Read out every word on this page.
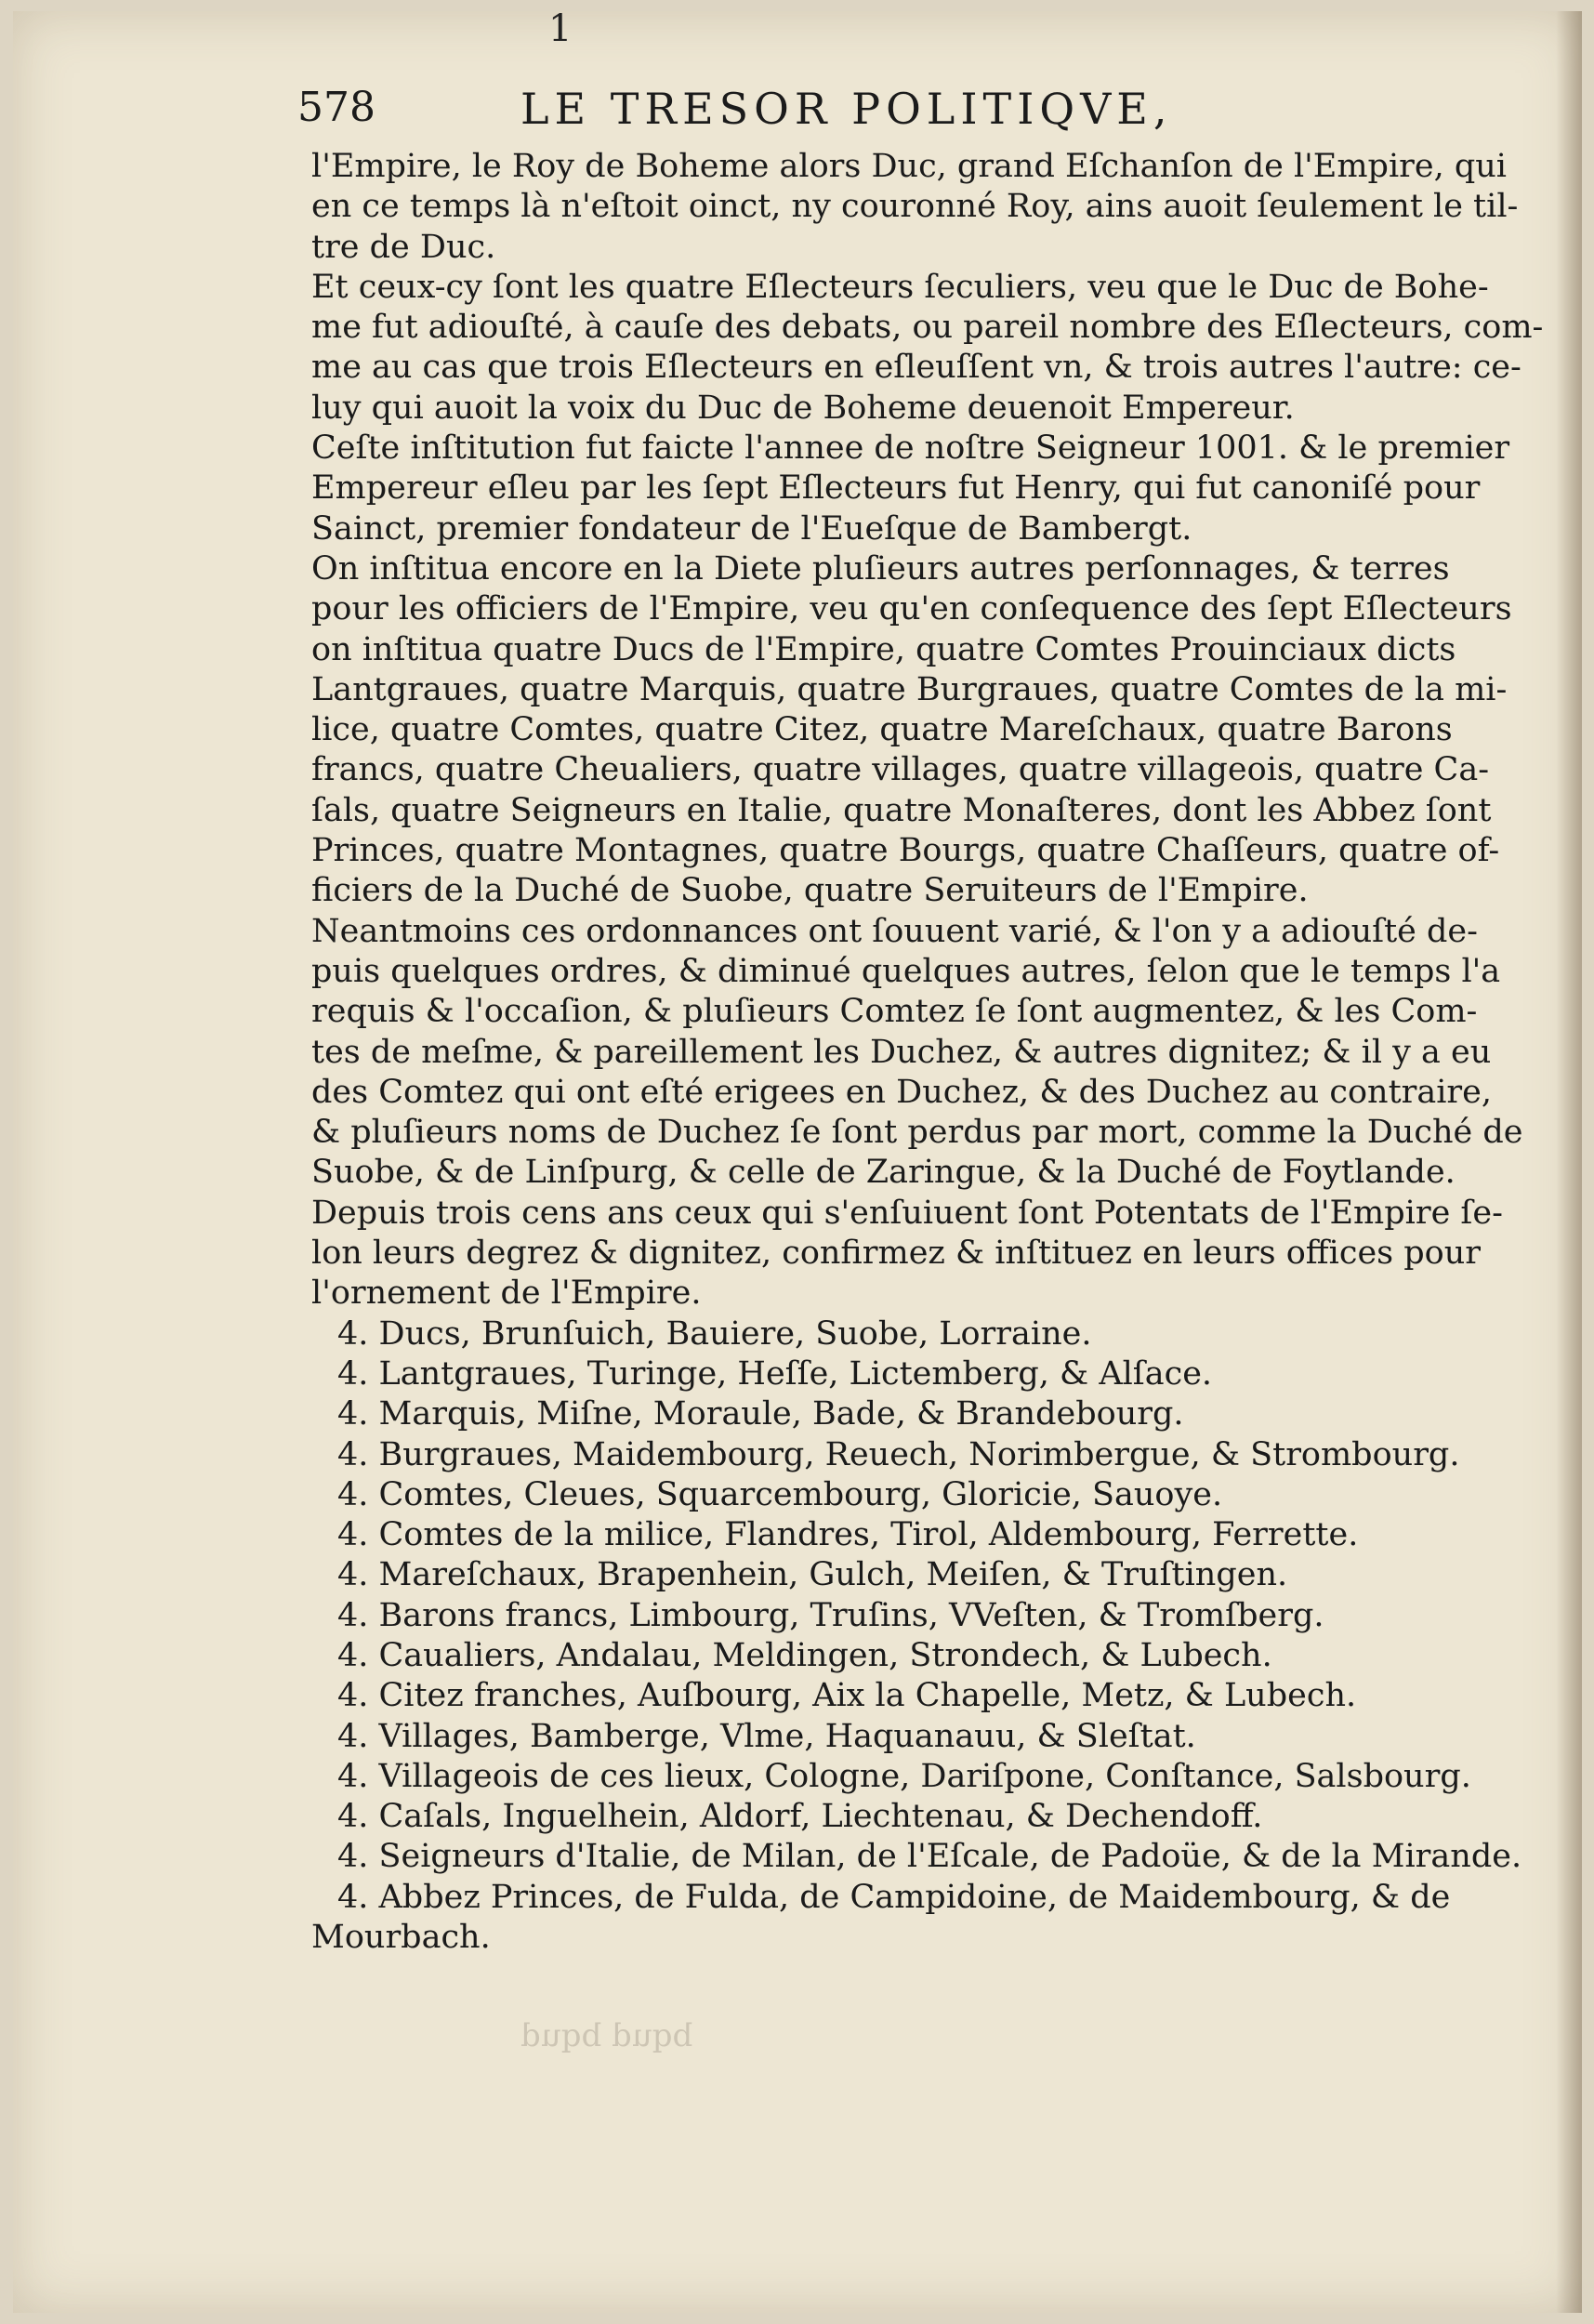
1
578	LE TRESOR POLITIQVE,
l'Empire, le Roy de Boheme alors Duc, grand Eſchanſon de l'Empire, qui
en ce temps là n'eſtoit oinct, ny couronné Roy, ains auoit ſeulement le til-
tre de Duc.
Et ceux-cy ſont les quatre Eſlecteurs ſeculiers, veu que le Duc de Bohe-
me fut adiouſté, à cauſe des debats, ou pareil nombre des Eſlecteurs, com-
me au cas que trois Eſlecteurs en eſleuſſent vn, & trois autres l'autre: ce-
luy qui auoit la voix du Duc de Boheme deuenoit Empereur.
Ceſte inſtitution fut faicte l'annee de noſtre Seigneur 1001. & le premier
Empereur eſleu par les ſept Eſlecteurs fut Henry, qui fut canoniſé pour
Sainct, premier fondateur de l'Eueſque de Bambergt.
On inſtitua encore en la Diete pluſieurs autres perſonnages, & terres
pour les officiers de l'Empire, veu qu'en conſequence des ſept Eſlecteurs
on inſtitua quatre Ducs de l'Empire, quatre Comtes Prouinciaux dicts
Lantgraues, quatre Marquis, quatre Burgraues, quatre Comtes de la mi-
lice, quatre Comtes, quatre Citez, quatre Mareſchaux, quatre Barons
francs, quatre Cheualiers, quatre villages, quatre villageois, quatre Ca-
ſals, quatre Seigneurs en Italie, quatre Monaſteres, dont les Abbez ſont
Princes, quatre Montagnes, quatre Bourgs, quatre Chaſſeurs, quatre of-
ficiers de la Duché de Suobe, quatre Seruiteurs de l'Empire.
Neantmoins ces ordonnances ont ſouuent varié, & l'on y a adiouſté de-
puis quelques ordres, & diminué quelques autres, ſelon que le temps l'a
requis & l'occaſion, & pluſieurs Comtez ſe ſont augmentez, & les Com-
tes de meſme, & pareillement les Duchez, & autres dignitez; & il y a eu
des Comtez qui ont eſté erigees en Duchez, & des Duchez au contraire,
& pluſieurs noms de Duchez ſe ſont perdus par mort, comme la Duché de
Suobe, & de Linſpurg, & celle de Zaringue, & la Duché de Foytlande.
Depuis trois cens ans ceux qui s'enſuiuent ſont Potentats de l'Empire ſe-
lon leurs degrez & dignitez, confirmez & inſtituez en leurs offices pour
l'ornement de l'Empire.
4. Ducs, Brunſuich, Bauiere, Suobe, Lorraine.
4. Lantgraues, Turinge, Heſſe, Lictemberg, & Alſace.
4. Marquis, Miſne, Moraule, Bade, & Brandebourg.
4. Burgraues, Maidembourg, Reuech, Norimbergue, & Strombourg.
4. Comtes, Cleues, Squarcembourg, Gloricie, Sauoye.
4. Comtes de la milice, Flandres, Tirol, Aldembourg, Ferrette.
4. Mareſchaux, Brapenhein, Gulch, Meiſen, & Truſtingen.
4. Barons francs, Limbourg, Truſins, VVeſten, & Tromſberg.
4. Caualiers, Andalau, Meldingen, Strondech, & Lubech.
4. Citez franches, Auſbourg, Aix la Chapelle, Metz, & Lubech.
4. Villages, Bamberge, Vlme, Haquanauu, & Sleſtat.
4. Villageois de ces lieux, Cologne, Dariſpone, Conſtance, Salsbourg.
4. Caſals, Inguelhein, Aldorf, Liechtenau, & Dechendoff.
4. Seigneurs d'Italie, de Milan, de l'Eſcale, de Padoüe, & de la Mirande.
4. Abbez Princes, de Fulda, de Campidoine, de Maidembourg, & de
Mourbach.
bqud bqud
